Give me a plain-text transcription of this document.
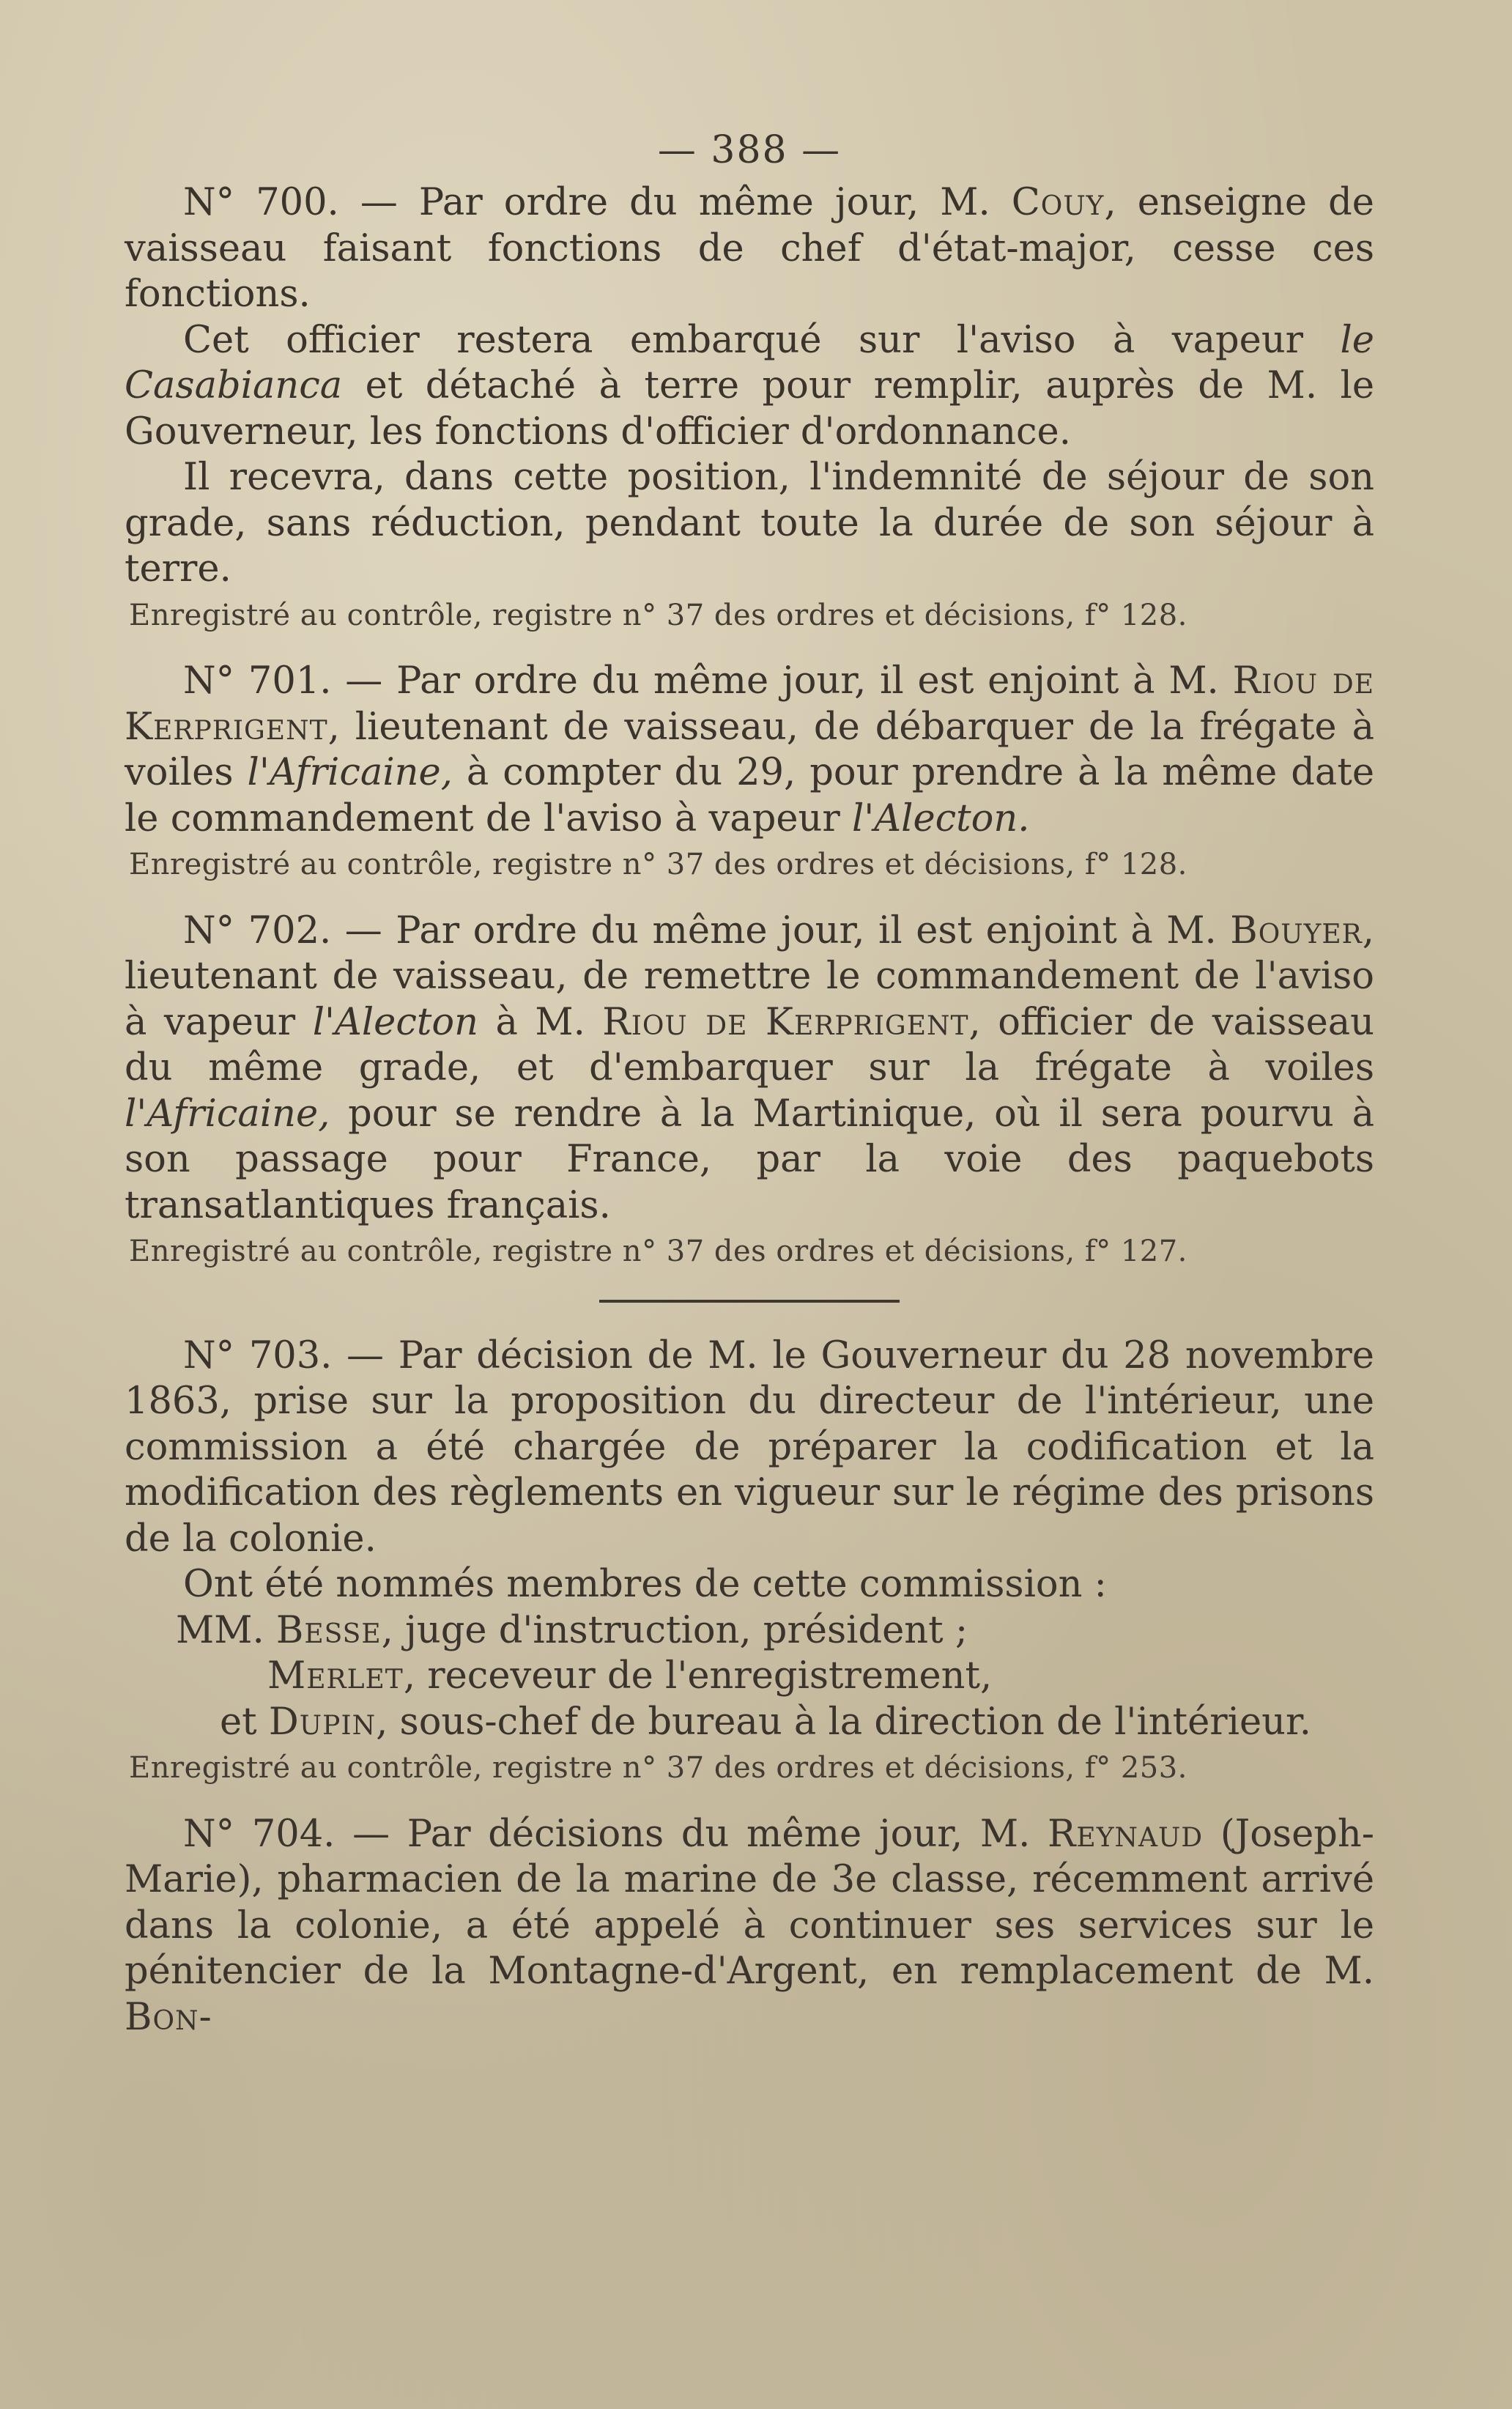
— 388 —

N° 700. — Par ordre du même jour, M. Couy, enseigne de vaisseau faisant fonctions de chef d'état-major, cesse ces fonctions.

Cet officier restera embarqué sur l'aviso à vapeur le Casabianca et détaché à terre pour remplir, auprès de M. le Gouverneur, les fonctions d'officier d'ordonnance.

Il recevra, dans cette position, l'indemnité de séjour de son grade, sans réduction, pendant toute la durée de son séjour à terre.

Enregistré au contrôle, registre n° 37 des ordres et décisions, f° 128.

N° 701. — Par ordre du même jour, il est enjoint à M. Riou de Kerprigent, lieutenant de vaisseau, de débarquer de la frégate à voiles l'Africaine, à compter du 29, pour prendre à la même date le commandement de l'aviso à vapeur l'Alecton.

Enregistré au contrôle, registre n° 37 des ordres et décisions, f° 128.

N° 702. — Par ordre du même jour, il est enjoint à M. Bouyer, lieutenant de vaisseau, de remettre le commandement de l'aviso à vapeur l'Alecton à M. Riou de Kerprigent, officier de vaisseau du même grade, et d'embarquer sur la frégate à voiles l'Africaine, pour se rendre à la Martinique, où il sera pourvu à son passage pour France, par la voie des paquebots transatlantiques français.

Enregistré au contrôle, registre n° 37 des ordres et décisions, f° 127.

N° 703. — Par décision de M. le Gouverneur du 28 novembre 1863, prise sur la proposition du directeur de l'intérieur, une commission a été chargée de préparer la codification et la modification des règlements en vigueur sur le régime des prisons de la colonie.

Ont été nommés membres de cette commission :

MM. Besse, juge d'instruction, président ;

Merlet, receveur de l'enregistrement,

et Dupin, sous-chef de bureau à la direction de l'intérieur.

Enregistré au contrôle, registre n° 37 des ordres et décisions, f° 253.

N° 704. — Par décisions du même jour, M. Reynaud (Joseph-Marie), pharmacien de la marine de 3e classe, récemment arrivé dans la colonie, a été appelé à continuer ses services sur le pénitencier de la Montagne-d'Argent, en remplacement de M. Bon-
